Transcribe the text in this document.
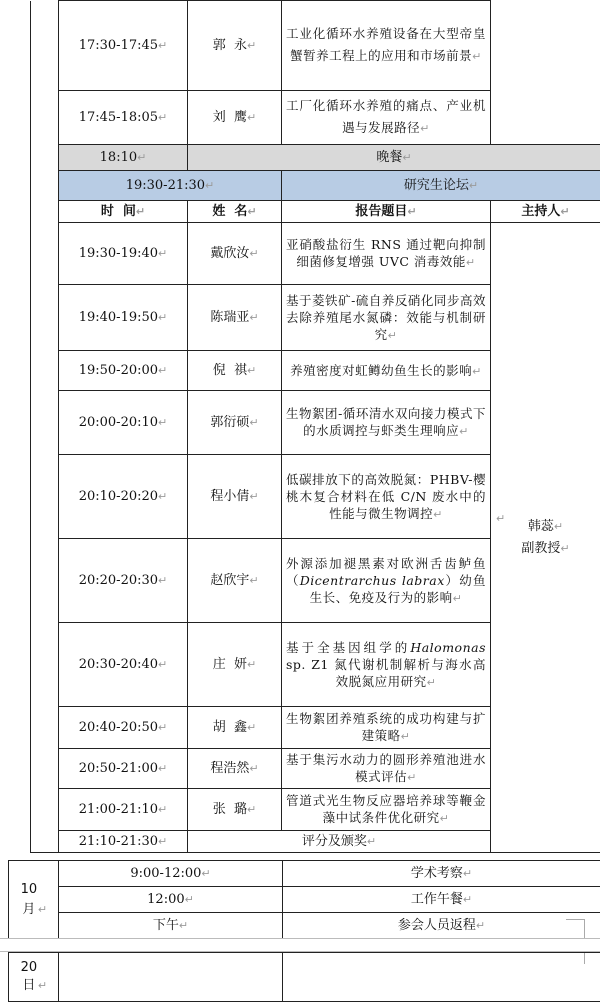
	17:30-17:45↵	郭  永↵	工业化循环水养殖设备在大型帝皇蟹暂养工程上的应用和市场前景↵	
	17:45-18:05↵	刘  鹰↵	工厂化循环水养殖的痛点、产业机遇与发展路径↵	
	18:10↵	晚餐↵		
	19:30-21:30↵		研究生论坛↵	
	时  间↵	姓  名↵	报告题目↵	主持人↵
	19:30-19:40↵	戴欣汝↵	亚硝酸盐衍生 RNS 通过靶向抑制细菌修复增强 UVC 消毒效能↵	韩蕊↵
副教授↵
	19:40-19:50↵	陈瑞亚↵	基于菱铁矿-硫自养反硝化同步高效去除养殖尾水氮磷：效能与机制研究↵	
	19:50-20:00↵	倪  祺↵	养殖密度对虹鳟幼鱼生长的影响↵	
	20:00-20:10↵	郭衍硕↵	生物絮团-循环清水双向接力模式下的水质调控与虾类生理响应↵	
	20:10-20:20↵	程小倩↵	低碳排放下的高效脱氮：PHBV-樱桃木复合材料在低 C/N 废水中的性能与微生物调控↵	
	20:20-20:30↵	赵欣宇↵	外源添加褪黑素对欧洲舌齿鲈鱼（Dicentrarchus labrax）幼鱼生长、免疫及行为的影响↵	
	20:30-20:40↵	庄  妍↵	基于全基因组学的Halomonas sp. Z1 氮代谢机制解析与海水高效脱氮应用研究↵	
	20:40-20:50↵	胡  鑫↵	生物絮团养殖系统的成功构建与扩建策略↵	
	20:50-21:00↵	程浩然↵	基于集污水动力的圆形养殖池进水模式评估↵	
	21:00-21:10↵	张  璐↵	管道式光生物反应器培养球等鞭金藻中试条件优化研究↵	
	21:10-21:30↵	评分及颁奖↵		
10月 ↵	9:00-12:00↵	学术考察↵
	12:00↵	工作午餐↵
	下午↵	参会人员返程↵
20日 ↵		
↵
